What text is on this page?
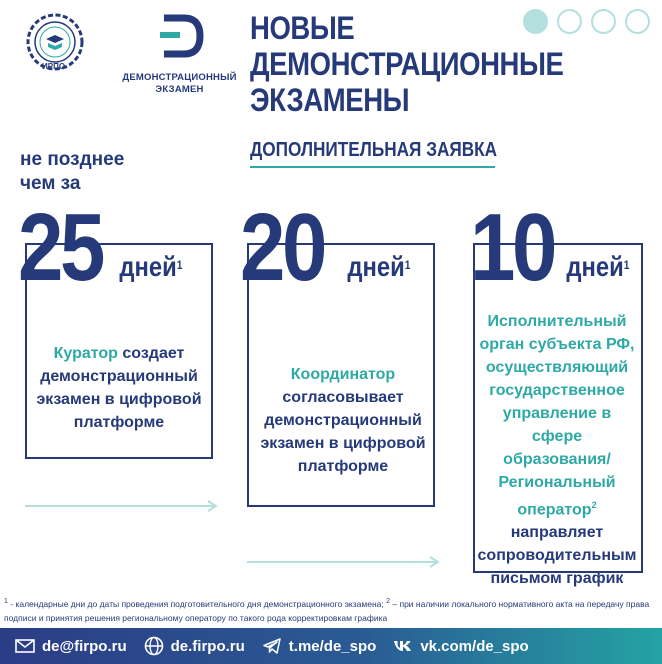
ИРПО
ДЕМОНСТРАЦИОННЫЙ
ЭКЗАМЕН
НОВЫЕ
ДЕМОНСТРАЦИОННЫЕ
ЭКЗАМЕНЫ
ДОПОЛНИТЕЛЬНАЯ ЗАЯВКА
не позднее
чем за
25 дней$^1$
Куратор создает демонстрационный экзамен в цифровой платформе
20 дней$^1$
Координатор согласовывает демонстрационный экзамен в цифровой платформе
10 дней$^1$
Исполнительный орган субъекта РФ, осуществляющий государственное управление в сфере образования/ Региональный оператор$^2$ направляет сопроводительным письмом график
$^1$ - календарные дни до даты проведения подготовительного дня демонстрационного экзамена; $^2$ – при наличии локального нормативного акта на передачу права подписи и принятия решения региональному оператору по такого рода корректировкам графика
de@firpo.ru	de.firpo.ru	t.me/de_spo	vk.com/de_spo
